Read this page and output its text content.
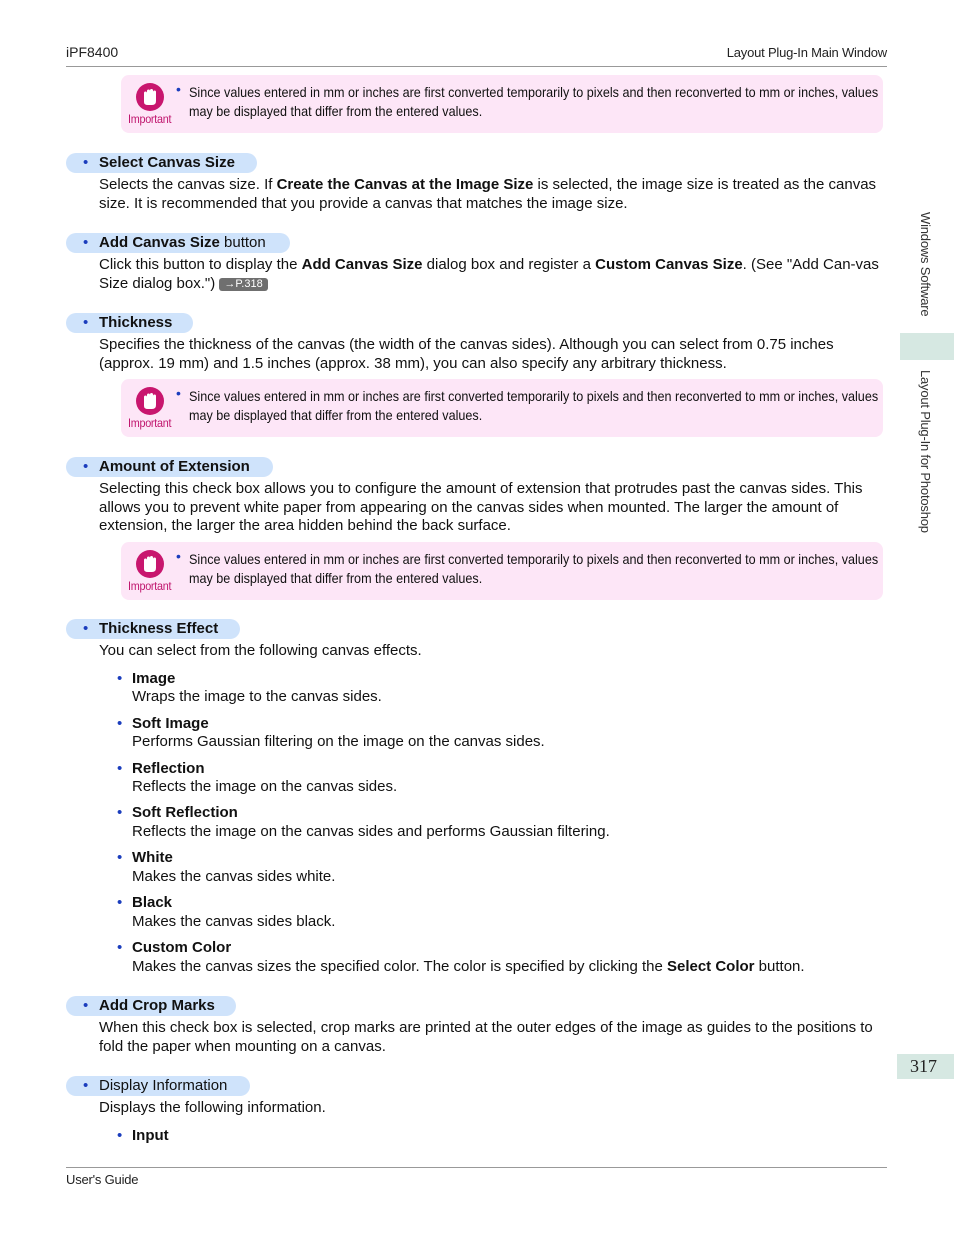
iPF8400	Layout Plug-In Main Window
Windows Software
Layout Plug-In for Photoshop
Important
• Since values entered in mm or inches are first converted temporarily to pixels and then reconverted to mm or inches, values may be displayed that differ from the entered values.
• Select Canvas Size
Selects the canvas size. If Create the Canvas at the Image Size is selected, the image size is treated as the canvas size. It is recommended that you provide a canvas that matches the image size.
• Add Canvas Size button
Click this button to display the Add Canvas Size dialog box and register a Custom Canvas Size. (See "Add Can-vas Size dialog box.") →P.318
• Thickness
Specifies the thickness of the canvas (the width of the canvas sides). Although you can select from 0.75 inches (approx. 19 mm) and 1.5 inches (approx. 38 mm), you can also specify any arbitrary thickness.
Important
• Since values entered in mm or inches are first converted temporarily to pixels and then reconverted to mm or inches, values may be displayed that differ from the entered values.
• Amount of Extension
Selecting this check box allows you to configure the amount of extension that protrudes past the canvas sides. This allows you to prevent white paper from appearing on the canvas sides when mounted. The larger the amount of extension, the larger the area hidden behind the back surface.
Important
• Since values entered in mm or inches are first converted temporarily to pixels and then reconverted to mm or inches, values may be displayed that differ from the entered values.
• Thickness Effect
You can select from the following canvas effects.
• Image
Wraps the image to the canvas sides.
• Soft Image
Performs Gaussian filtering on the image on the canvas sides.
• Reflection
Reflects the image on the canvas sides.
• Soft Reflection
Reflects the image on the canvas sides and performs Gaussian filtering.
• White
Makes the canvas sides white.
• Black
Makes the canvas sides black.
• Custom Color
Makes the canvas sizes the specified color. The color is specified by clicking the Select Color button.
• Add Crop Marks
When this check box is selected, crop marks are printed at the outer edges of the image as guides to the positions to fold the paper when mounting on a canvas.
• Display Information
Displays the following information.
• Input
317
User's Guide
